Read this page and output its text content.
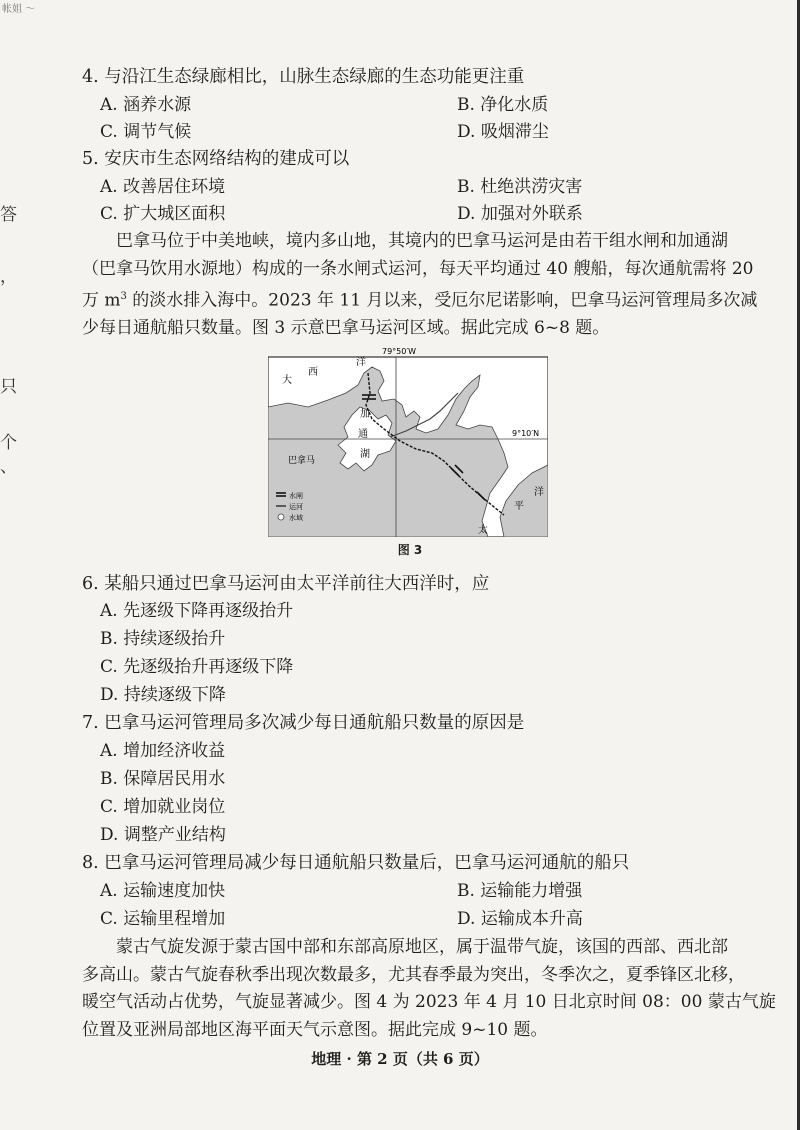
帐姐 ～
答
，
只
个
、
4. 与沿江生态绿廊相比，山脉生态绿廊的生态功能更注重
A. 涵养水源	B. 净化水质
C. 调节气候	D. 吸烟滞尘
5. 安庆市生态网络结构的建成可以
A. 改善居住环境	B. 杜绝洪涝灾害
C. 扩大城区面积	D. 加强对外联系

巴拿马位于中美地峡，境内多山地，其境内的巴拿马运河是由若干组水闸和加通湖

（巴拿马饮用水源地）构成的一条水闸式运河，每天平均通过 40 艘船，每次通航需将 20

万 $m^3$ 的淡水排入海中。2023 年 11 月以来，受厄尔尼诺影响，巴拿马运河管理局多次减

少每日通航船只数量。图 3 示意巴拿马运河区域。据此完成 6~8 题。

79°50′W
9°10′N
大
西
洋
加
通
湖
巴拿马
太
平
洋
水闸
运河
水域
图 3
6. 某船只通过巴拿马运河由太平洋前往大西洋时，应
A. 先逐级下降再逐级抬升
B. 持续逐级抬升
C. 先逐级抬升再逐级下降
D. 持续逐级下降
7. 巴拿马运河管理局多次减少每日通航船只数量的原因是
A. 增加经济收益
B. 保障居民用水
C. 增加就业岗位
D. 调整产业结构
8. 巴拿马运河管理局减少每日通航船只数量后，巴拿马运河通航的船只
A. 运输速度加快	B. 运输能力增强
C. 运输里程增加	D. 运输成本升高

蒙古气旋发源于蒙古国中部和东部高原地区，属于温带气旋，该国的西部、西北部

多高山。蒙古气旋春秋季出现次数最多，尤其春季最为突出，冬季次之，夏季锋区北移，

暖空气活动占优势，气旋显著减少。图 4 为 2023 年 4 月 10 日北京时间 08：00 蒙古气旋

位置及亚洲局部地区海平面天气示意图。据此完成 9~10 题。

地理 · 第 2 页（共 6 页）
